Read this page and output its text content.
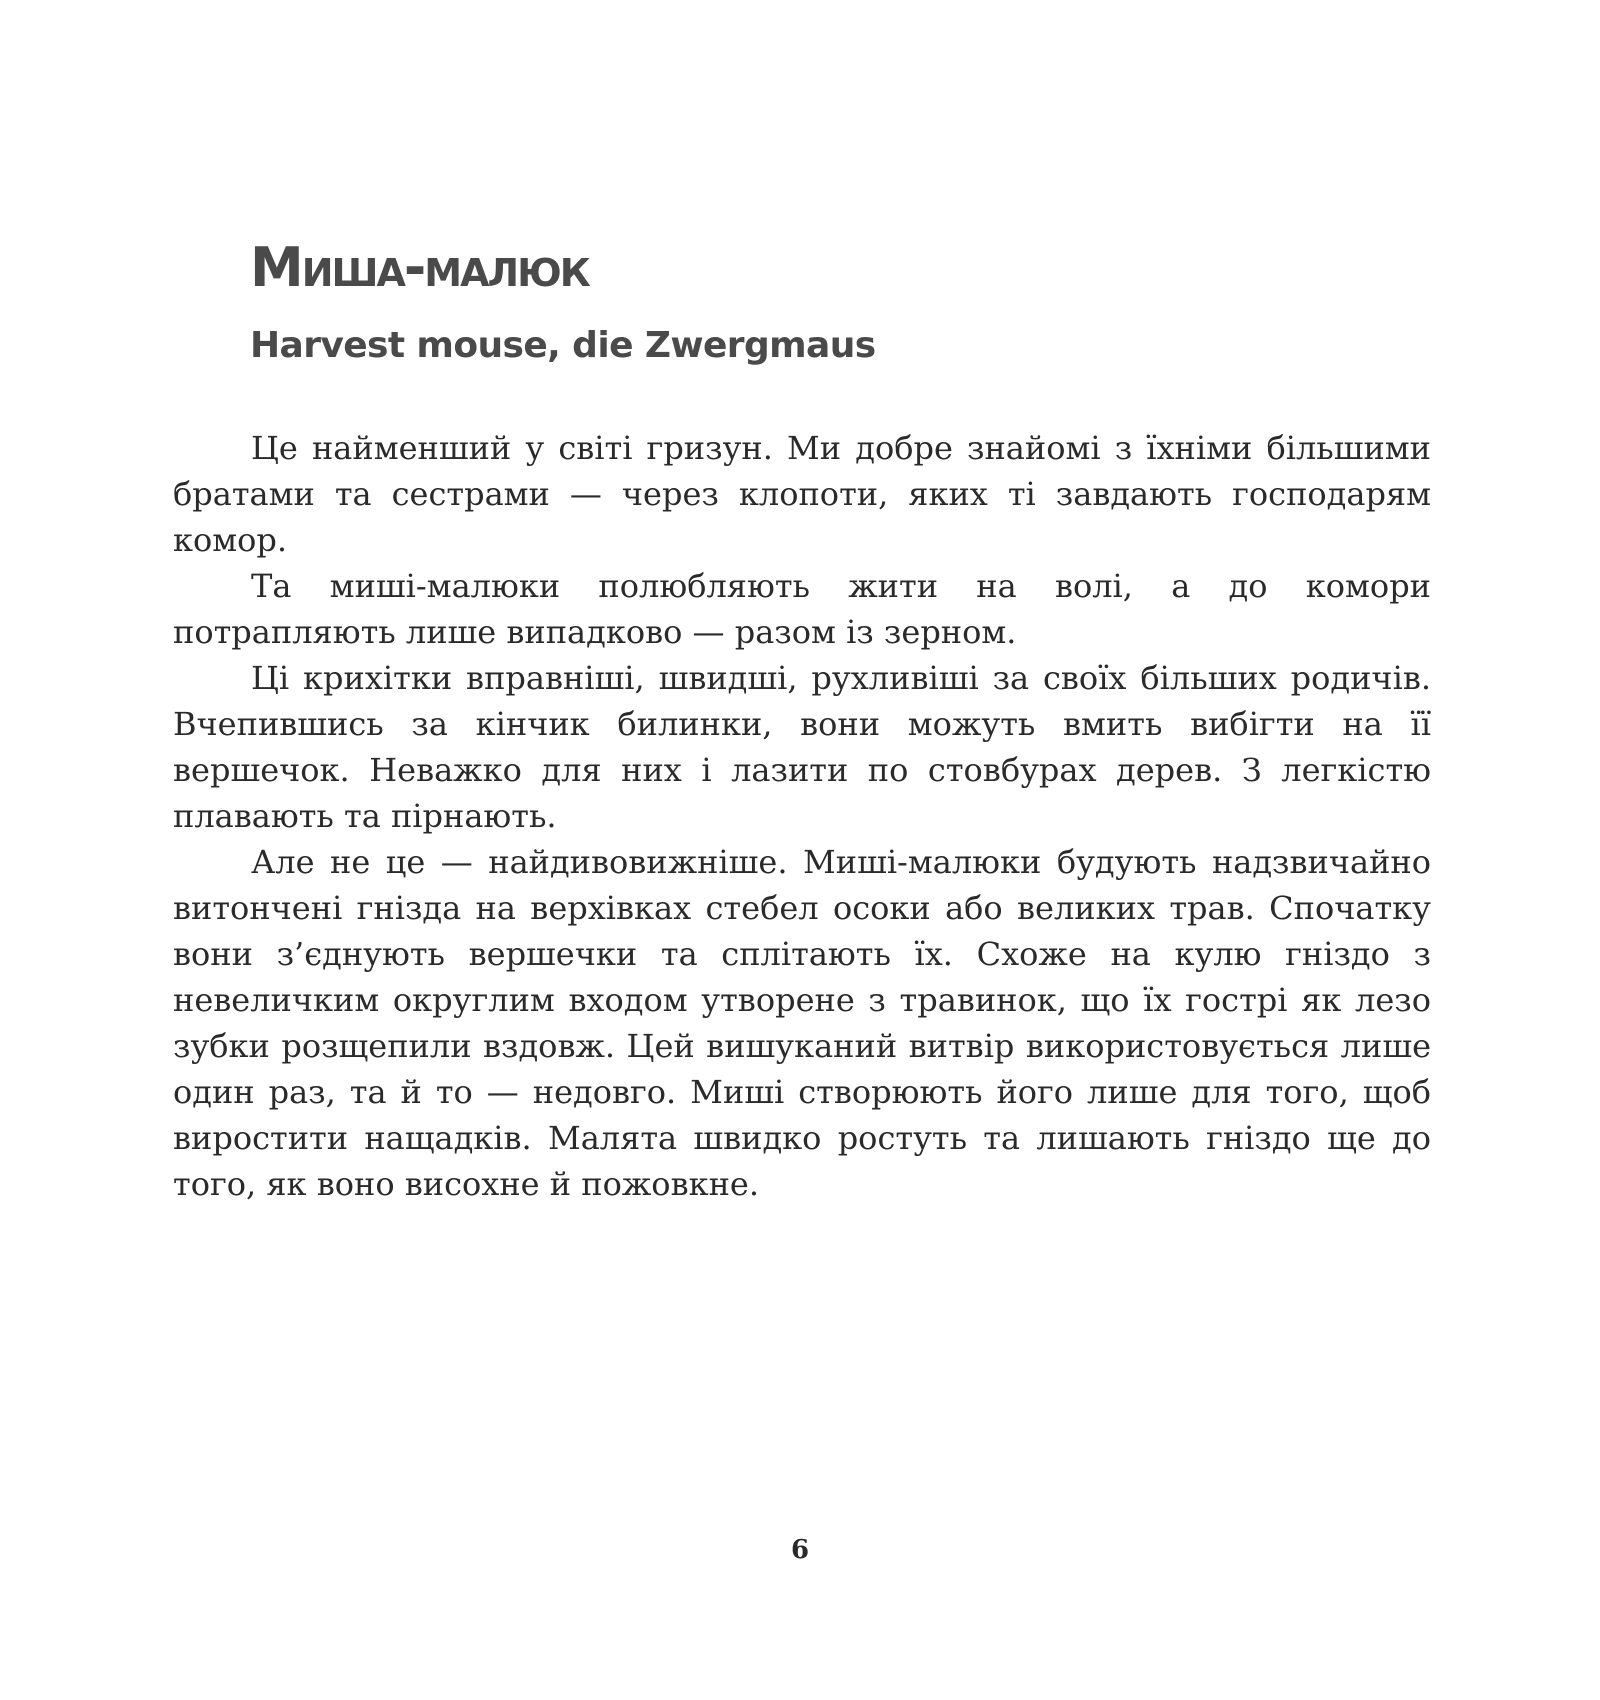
Миша-малюк
Harvest mouse, die Zwergmaus

Це найменший у світі гризун. Ми добре знайомі з їхніми більшими братами та сестрами — через клопоти, яких ті завдають господарям комор.

Та миші-малюки полюбляють жити на волі, а до комори потрапляють лише випадково — разом із зерном.

Ці крихітки вправніші, швидші, рухливіші за своїх більших родичів. Вчепившись за кінчик билинки, вони можуть вмить вибігти на її вершечок. Неважко для них і лазити по стовбурах дерев. З легкістю плавають та пірнають.

Але не це — найдивовижніше. Миші-малюки будують надзвичайно витончені гнізда на верхівках стебел осоки або великих трав. Спочатку вони з’єднують вершечки та сплітають їх. Схоже на кулю гніздо з невеличким округлим входом утворене з травинок, що їх гострі як лезо зубки розщепили вздовж. Цей вишуканий витвір використовується лише один раз, та й то — недовго. Миші створюють його лише для того, щоб виростити нащадків. Малята швидко ростуть та лишають гніздо ще до того, як воно висохне й пожовкне.

6
